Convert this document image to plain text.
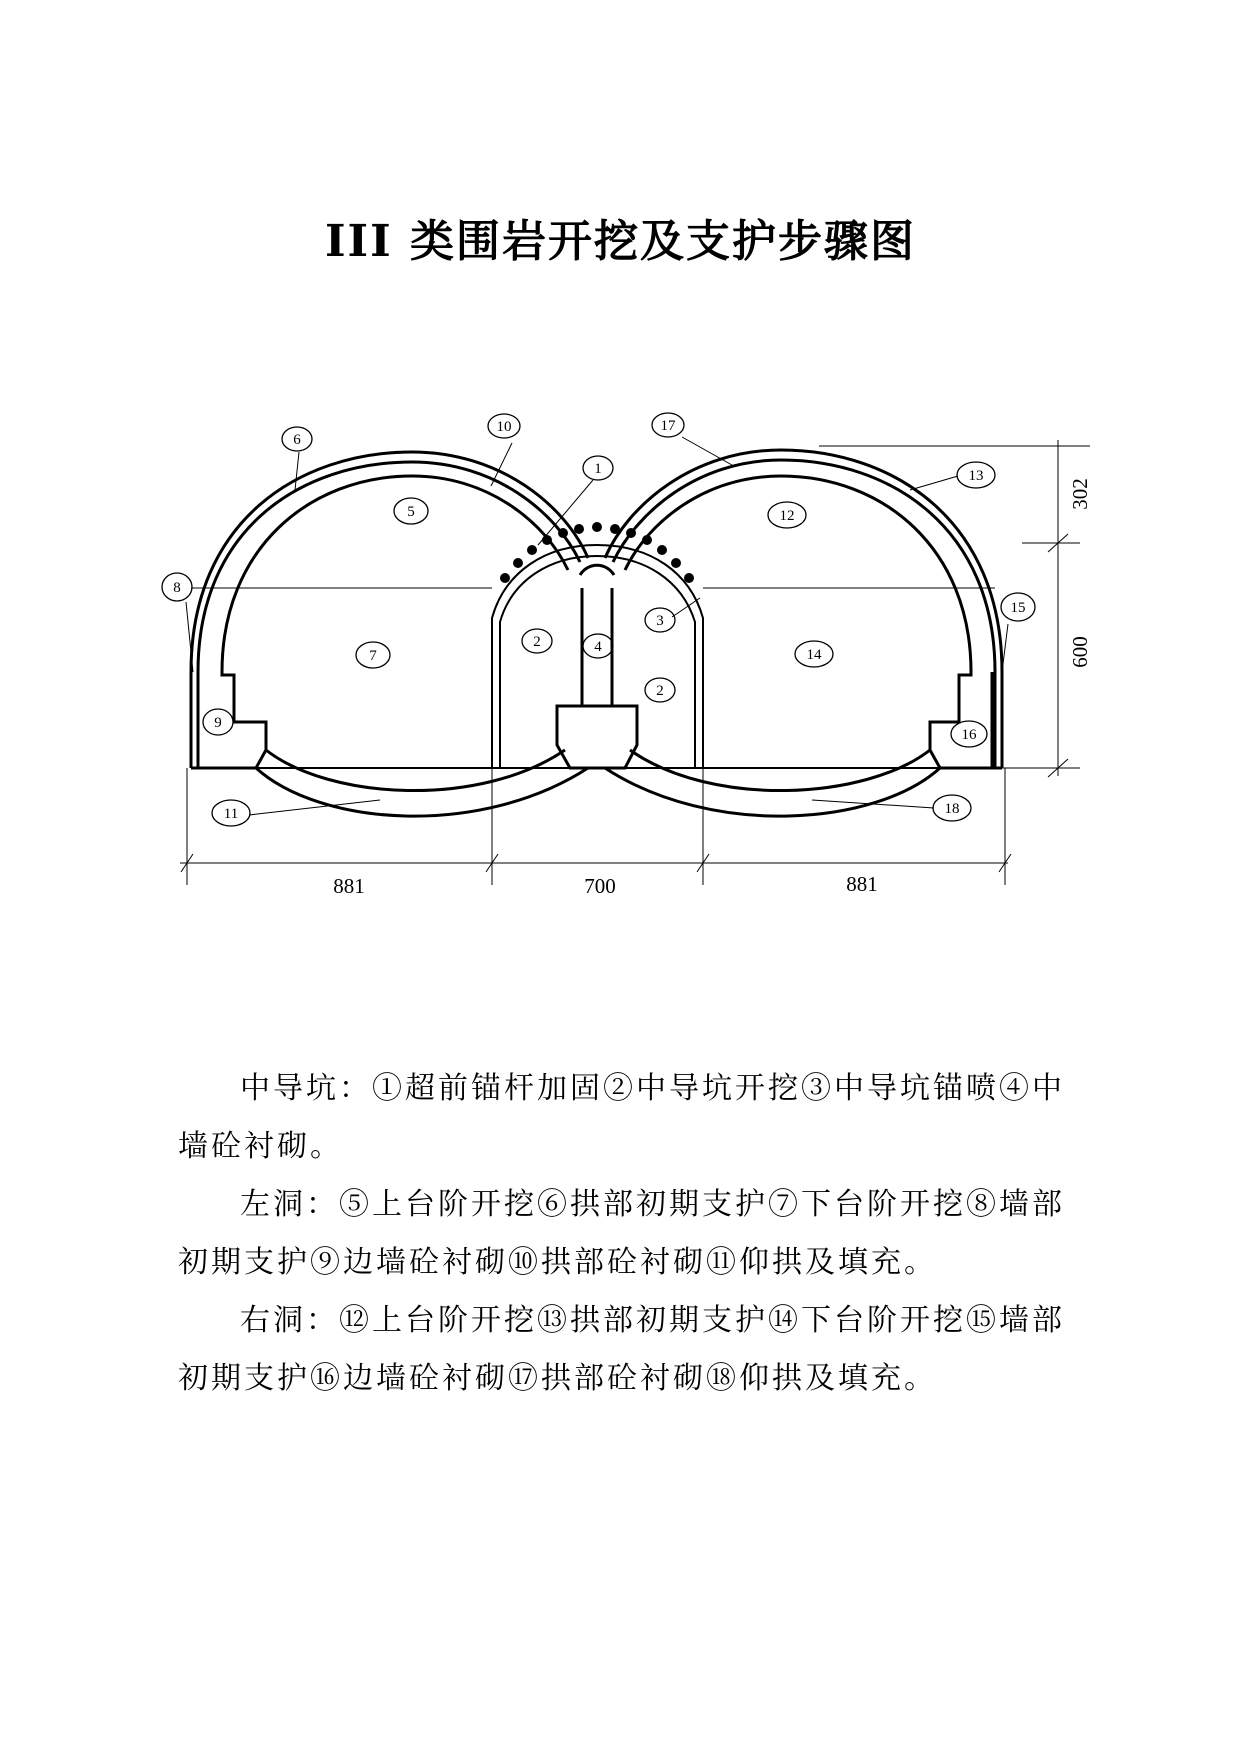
III 类围岩开挖及支护步骤图
1
2
2
3
4
5
6
7
8
9
10
11
12
13
14
15
16
17
18
881	700	881
302
600

中导坑：①超前锚杆加固②中导坑开挖③中导坑锚喷④中墙砼衬砌。

左洞：⑤上台阶开挖⑥拱部初期支护⑦下台阶开挖⑧墙部初期支护⑨边墙砼衬砌⑩拱部砼衬砌⑪仰拱及填充。

右洞：⑫上台阶开挖⑬拱部初期支护⑭下台阶开挖⑮墙部初期支护⑯边墙砼衬砌⑰拱部砼衬砌⑱仰拱及填充。
